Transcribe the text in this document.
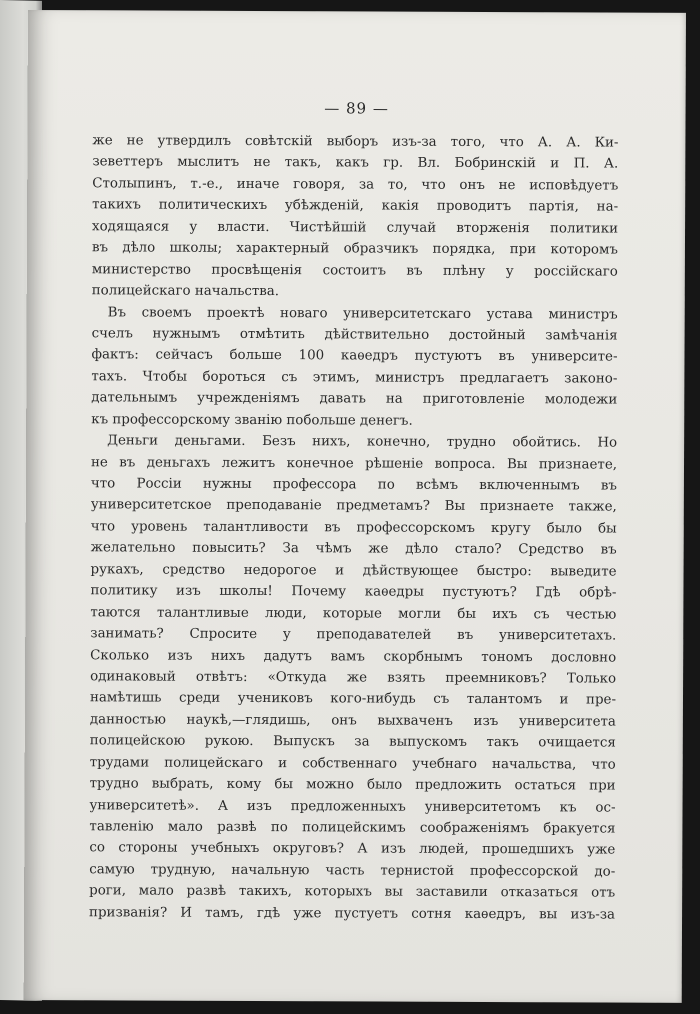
— 89 —
же не утвердилъ совѣтскій выборъ изъ-за того, что А. А. Ки-
зеветтеръ мыслитъ не такъ, какъ гр. Вл. Бобринскій и П. А.
Столыпинъ, т.-е., иначе говоря, за то, что онъ не исповѣдуетъ
такихъ политическихъ убѣжденій, какія проводитъ партія, на-
ходящаяся у власти. Чистѣйшій случай вторженія политики
въ дѣло школы; характерный образчикъ порядка, при которомъ
министерство просвѣщенія состоитъ въ плѣну у россійскаго
полицейскаго начальства.
Въ своемъ проектѣ новаго университетскаго устава министръ
счелъ нужнымъ отмѣтить дѣйствительно достойный замѣчанія
фактъ: сейчасъ больше 100 каѳедръ пустуютъ въ университе-
тахъ. Чтобы бороться съ этимъ, министръ предлагаетъ законо-
дательнымъ учрежденіямъ давать на приготовленіе молодежи
къ профессорскому званію побольше денегъ.
Деньги деньгами. Безъ нихъ, конечно, трудно обойтись. Но
не въ деньгахъ лежитъ конечное рѣшеніе вопроса. Вы признаете,
что Россіи нужны профессора по всѣмъ включеннымъ въ
университетское преподаваніе предметамъ? Вы признаете также,
что уровень талантливости въ профессорскомъ кругу было бы
желательно повысить? За чѣмъ же дѣло стало? Средство въ
рукахъ, средство недорогое и дѣйствующее быстро: выведите
политику изъ школы! Почему каѳедры пустуютъ? Гдѣ обрѣ-
таются талантливые люди, которые могли бы ихъ съ честью
занимать? Спросите у преподавателей въ университетахъ.
Сколько изъ нихъ дадутъ вамъ скорбнымъ тономъ дословно
одинаковый отвѣтъ: «Откуда же взять преемниковъ? Только
намѣтишь среди учениковъ кого-нибудь съ талантомъ и пре-
данностью наукѣ,—глядишь, онъ выхваченъ изъ университета
полицейскою рукою. Выпускъ за выпускомъ такъ очищается
трудами полицейскаго и собственнаго учебнаго начальства, что
трудно выбрать, кому бы можно было предложить остаться при
университетѣ». А изъ предложенныхъ университетомъ къ ос-
тавленію мало развѣ по полицейскимъ соображеніямъ бракуется
со стороны учебныхъ округовъ? А изъ людей, прошедшихъ уже
самую трудную, начальную часть тернистой профессорской до-
роги, мало развѣ такихъ, которыхъ вы заставили отказаться отъ
призванія? И тамъ, гдѣ уже пустуетъ сотня каѳедръ, вы изъ-за
